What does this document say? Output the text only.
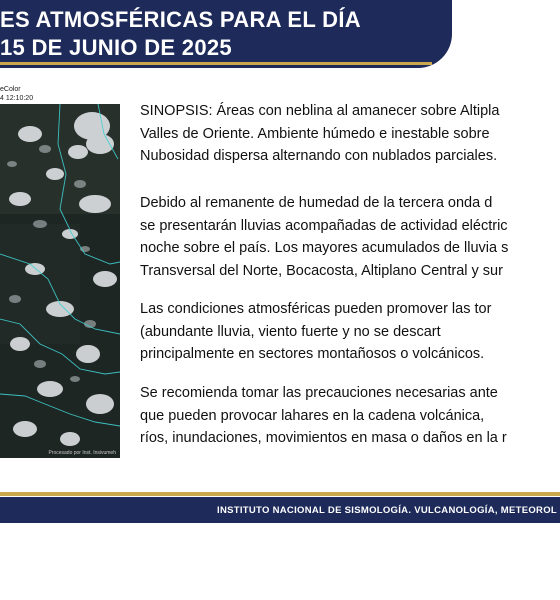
ES ATMOSFÉRICAS PARA EL DÍA
15 DE JUNIO DE 2025
eColor
4 12:10:20
Procesado por Inst. Insivumeh

SINOPSIS: Áreas con neblina al amanecer sobre Altipla
Valles de Oriente. Ambiente húmedo e inestable sobre
Nubosidad dispersa alternando con nublados parciales.

Debido al remanente de humedad de la tercera onda d
se presentarán lluvias acompañadas de actividad eléctric
noche sobre el país. Los mayores acumulados de lluvia s
Transversal del Norte, Bocacosta, Altiplano Central y sur

Las condiciones atmosféricas pueden promover las tor
(abundante lluvia, viento fuerte y no se descart
principalmente en sectores montañosos o volcánicos.

Se recomienda tomar las precauciones necesarias ante
que pueden provocar lahares en la cadena volcánica,
ríos, inundaciones, movimientos en masa o daños en la r

INSTITUTO NACIONAL DE SISMOLOGÍA. VULCANOLOGÍA, METEOROL
